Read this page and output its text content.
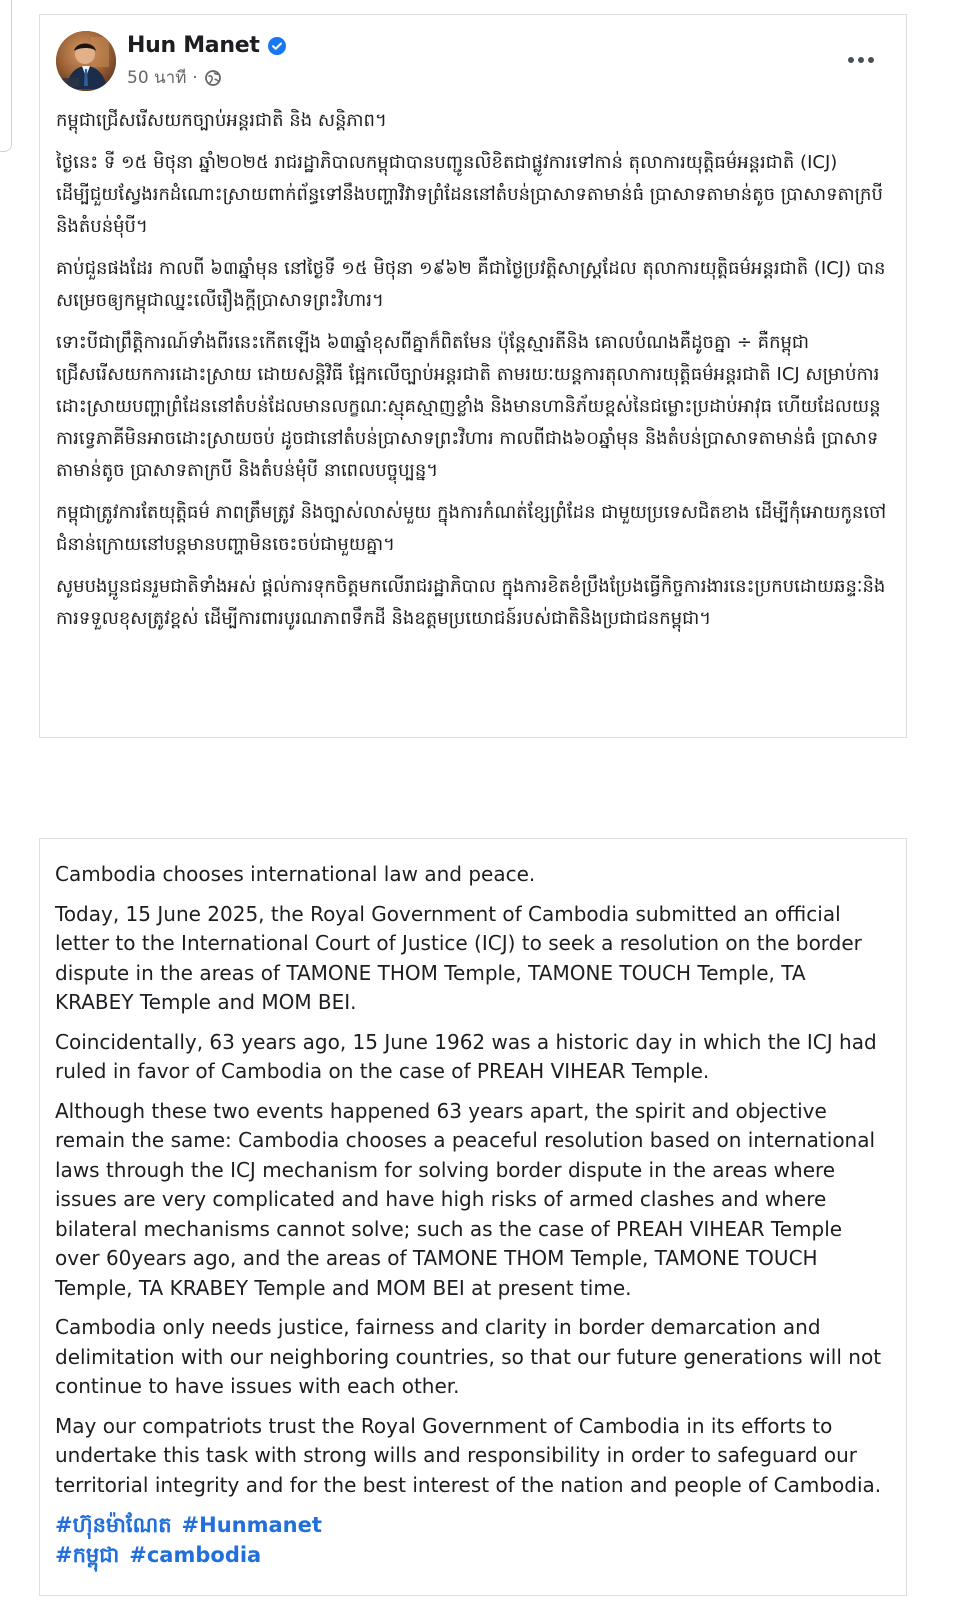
Hun Manet
50 นาที ·

កម្ពុជាជ្រើសរើសយកច្បាប់អន្តរជាតិ និង សន្តិភាព។

ថ្ងៃនេះ ទី ១៥ មិថុនា ឆ្នាំ២០២៥ រាជរដ្ឋាភិបាលកម្ពុជាបានបញ្ជូនលិខិតជាផ្លូវការទៅកាន់ តុលាការយុត្តិធម៌អន្តរជាតិ (ICJ) ដើម្បីជួយស្វែងរកដំណោះស្រាយពាក់ព័ន្ធទៅនឹងបញ្ហាវិវាទព្រំដែននៅតំបន់ប្រាសាទតាមាន់ធំ ប្រាសាទតាមាន់តូច ប្រាសាទតាក្របី និងតំបន់មុំបី។

គាប់ជួនផងដែរ កាលពី ៦៣ឆ្នាំមុន នៅថ្ងៃទី ១៥ មិថុនា ១៩៦២ គឺជាថ្ងៃប្រវត្តិសាស្ត្រដែល តុលាការយុត្តិធម៌អន្តរជាតិ (ICJ) បានសម្រេចឲ្យកម្ពុជាឈ្នះលើរឿងក្តីប្រាសាទព្រះវិហារ។

ទោះបីជាព្រឹត្តិការណ៍ទាំងពីរនេះកើតឡើង ៦៣ឆ្នាំខុសពីគ្នាក៏ពិតមែន ប៉ុន្តែស្មារតីនិង គោលបំណងគឺដូចគ្នា ÷ គឺកម្ពុជាជ្រើសរើសយកការដោះស្រាយ ដោយសន្តិវិធី ផ្អែកលើច្បាប់អន្តរជាតិ តាមរយៈយន្តការតុលាការយុត្តិធម៌អន្តរជាតិ ICJ សម្រាប់ការដោះស្រាយបញ្ហាព្រំដែននៅតំបន់ដែលមានលក្ខណៈស្មុគស្មាញខ្លាំង និងមានហានិភ័យខ្ពស់នៃជម្លោះប្រដាប់អាវុធ ហើយដែលយន្តការទ្វេភាគីមិនអាចដោះស្រាយចប់ ដូចជានៅតំបន់ប្រាសាទព្រះវិហារ កាលពីជាង៦០ឆ្នាំមុន និងតំបន់ប្រាសាទតាមាន់ធំ ប្រាសាទតាមាន់តូច ប្រាសាទតាក្របី និងតំបន់មុំបី នាពេលបច្ចុប្បន្ន។

កម្ពុជាត្រូវការតែយុត្តិធម៌ ភាពត្រឹមត្រូវ និងច្បាស់លាស់មួយ ក្នុងការកំណត់ខ្សែព្រំដែន ជាមួយប្រទេសជិតខាង ដើម្បីកុំអោយកូនចៅជំនាន់ក្រោយនៅបន្តមានបញ្ហាមិនចេះចប់ជាមួយគ្នា។

សូមបងប្អូនជនរួមជាតិទាំងអស់ ផ្តល់ការទុកចិត្តមកលើរាជរដ្ឋាភិបាល ក្នុងការខិតខំប្រឹងប្រែងធ្វើកិច្ចការងារនេះប្រកបដោយឆន្ទៈនិងការទទួលខុសត្រូវខ្ពស់ ដើម្បីការពារបូរណភាពទឹកដី និងឧត្តមប្រយោជន៍របស់ជាតិនិងប្រជាជនកម្ពុជា។

Cambodia chooses international law and peace.

Today, 15 June 2025, the Royal Government of Cambodia submitted an official letter to the International Court of Justice (ICJ) to seek a resolution on the border dispute in the areas of TAMONE THOM Temple, TAMONE TOUCH Temple, TA KRABEY Temple and MOM BEI.

Coincidentally, 63 years ago, 15 June 1962 was a historic day in which the ICJ had ruled in favor of Cambodia on the case of PREAH VIHEAR Temple.

Although these two events happened 63 years apart, the spirit and objective remain the same: Cambodia chooses a peaceful resolution based on international laws through the ICJ mechanism for solving border dispute in the areas where issues are very complicated and have high risks of armed clashes and where bilateral mechanisms cannot solve; such as the case of PREAH VIHEAR Temple over 60years ago, and the areas of TAMONE THOM Temple, TAMONE TOUCH Temple, TA KRABEY Temple and MOM BEI at present time.

Cambodia only needs justice, fairness and clarity in border demarcation and delimitation with our neighboring countries, so that our future generations will not continue to have issues with each other.

May our compatriots trust the Royal Government of Cambodia in its efforts to undertake this task with strong wills and responsibility in order to safeguard our territorial integrity and for the best interest of the nation and people of Cambodia.

#ហ៊ុនម៉ាណែត #Hunmanet
#កម្ពុជា #cambodia
